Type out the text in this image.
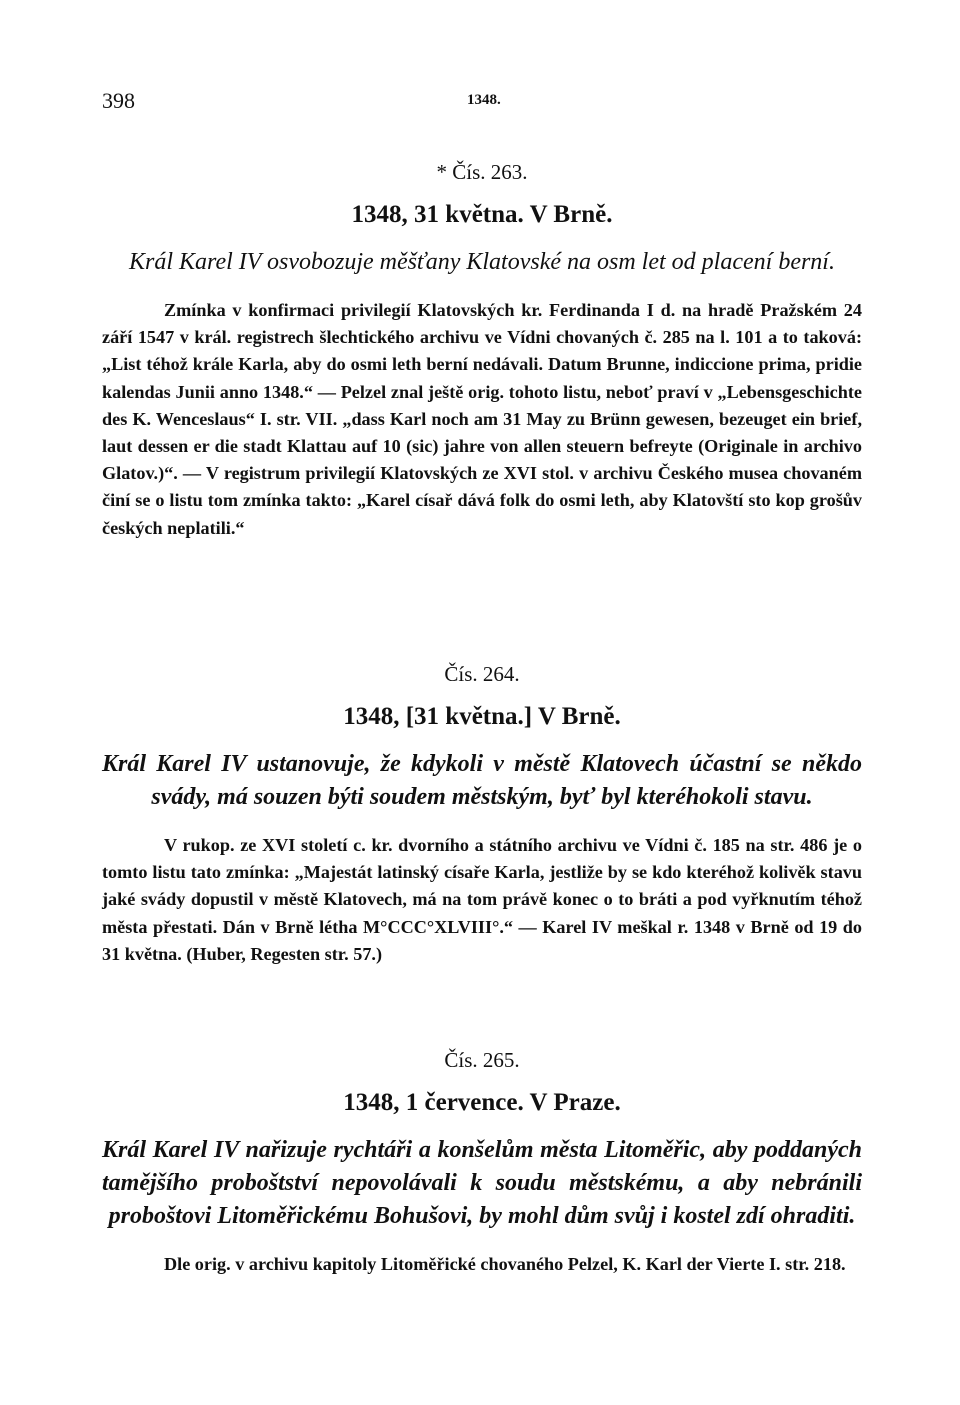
398	1348.
* Čís. 263.
1348, 31 května. V Brně.
Král Karel IV osvobozuje měšťany Klatovské na osm let od placení berní.

Zmínka v konfirmaci privilegií Klatovských kr. Ferdinanda I d. na hradě Pražském 24 září 1547 v král. registrech šlechtického archivu ve Vídni chovaných č. 285 na l. 101 a to taková: „List téhož krále Karla, aby do osmi leth berní nedávali. Datum Brunne, indiccione prima, pridie kalendas Junii anno 1348.“ — Pelzel znal ještě orig. tohoto listu, neboť praví v „Lebensgeschichte des K. Wenceslaus“ I. str. VII. „dass Karl noch am 31 May zu Brünn gewesen, bezeuget ein brief, laut dessen er die stadt Klattau auf 10 (sic) jahre von allen steuern befreyte (Originale in archivo Glatov.)“. — V registrum privilegií Klatovských ze XVI stol. v archivu Českého musea chovaném činí se o listu tom zmínka takto: „Karel císař dává folk do osmi leth, aby Klatovští sto kop grošův českých neplatili.“

Čís. 264.
1348, [31 května.] V Brně.
Král Karel IV ustanovuje, že kdykoli v městě Klatovech účastní se někdo svády, má souzen býti soudem městským, byť byl kteréhokoli stavu.

V rukop. ze XVI století c. kr. dvorního a státního archivu ve Vídni č. 185 na str. 486 je o tomto listu tato zmínka: „Majestát latinský císaře Karla, jestliže by se kdo kteréhož kolivěk stavu jaké svády dopustil v městě Klatovech, má na tom právě konec o to bráti a pod vyřknutím téhož města přestati. Dán v Brně létha M°CCC°XLVIII°.“ — Karel IV meškal r. 1348 v Brně od 19 do 31 května. (Huber, Regesten str. 57.)

Čís. 265.
1348, 1 července. V Praze.
Král Karel IV nařizuje rychtáři a konšelům města Litoměřic, aby poddaných tamějšího proboštství nepovolávali k soudu městskému, a aby nebránili proboštovi Litoměřickému Bohušovi, by mohl dům svůj i kostel zdí ohraditi.

Dle orig. v archivu kapitoly Litoměřické chovaného Pelzel, K. Karl der Vierte I. str. 218.
